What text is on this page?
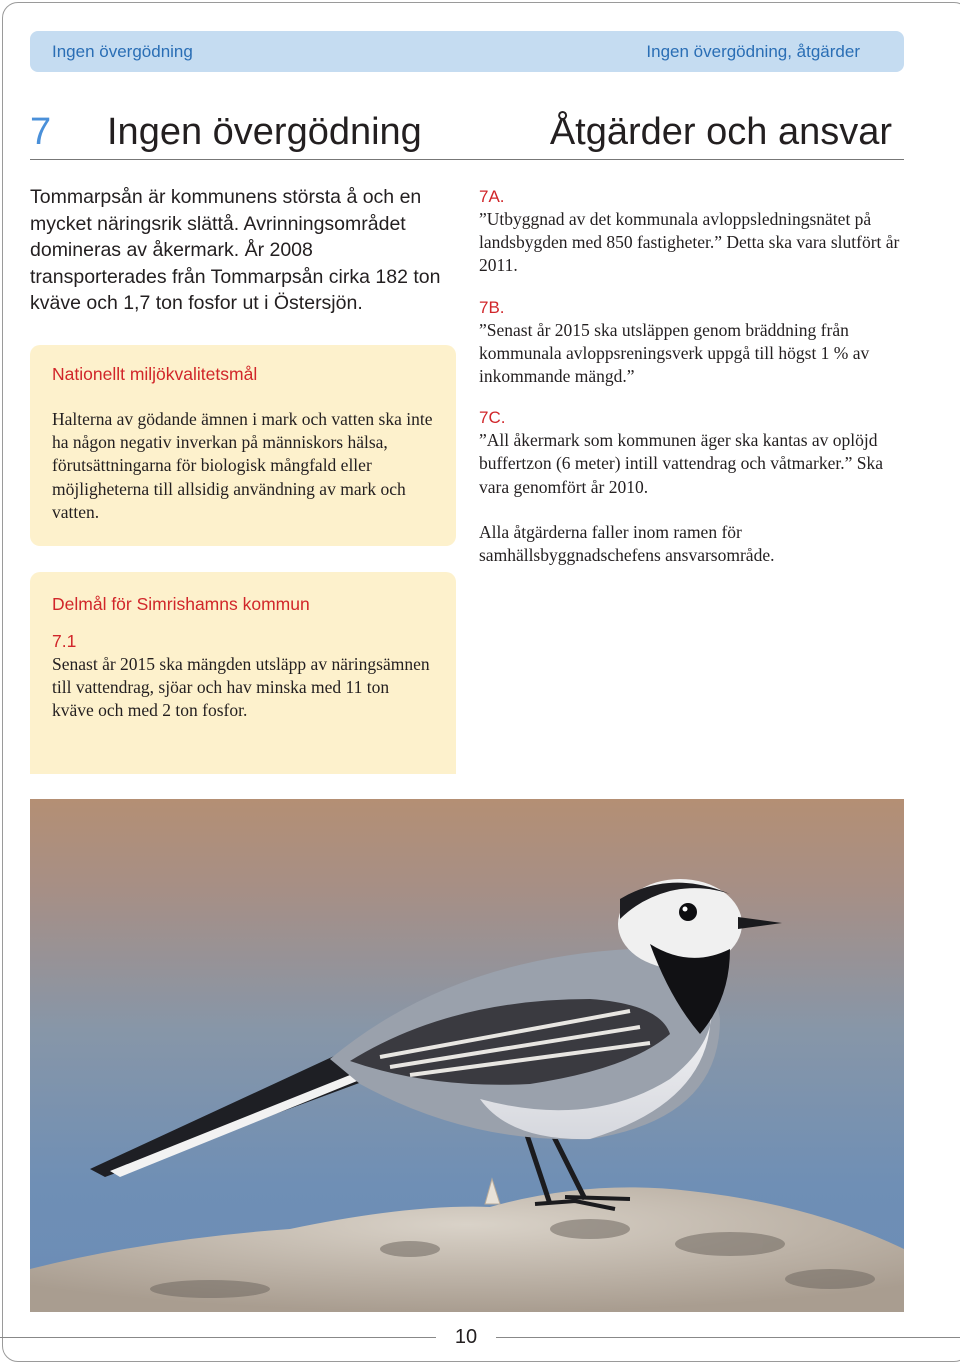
Ingen övergödning	Ingen övergödning, åtgärder
7 Ingen övergödning	Åtgärder och ansvar

Tommarpsån är kommunens största å och en mycket näringsrik slättå. Avrinningsområdet domineras av åkermark. År 2008 transporterades från Tommarpsån cirka 182 ton kväve och 1,7 ton fosfor ut i Östersjön.

Nationellt miljökvalitetsmål

Halterna av gödande ämnen i mark och vatten ska inte ha någon negativ inverkan på människors hälsa, förutsättningarna för biologisk mångfald eller möjligheterna till allsidig användning av mark och vatten.

Delmål för Simrishamns kommun

7.1

Senast år 2015 ska mängden utsläpp av näringsämnen till vattendrag, sjöar och hav minska med 11 ton kväve och med 2 ton fosfor.

7A.

”Utbyggnad av det kommunala avloppsledningsnätet på landsbygden med 850 fastigheter.” Detta ska vara slutfört år 2011.

7B.

”Senast år 2015 ska utsläppen genom bräddning från kommunala avloppsreningsverk uppgå till högst 1 % av inkommande mängd.”

7C.

”All åkermark som kommunen äger ska kantas av oplöjd buffertzon (6 meter) intill vattendrag och våtmarker.” Ska vara genomfört år 2010.

Alla åtgärderna faller inom ramen för samhällsbyggnadschefens ansvarsområde.

10
